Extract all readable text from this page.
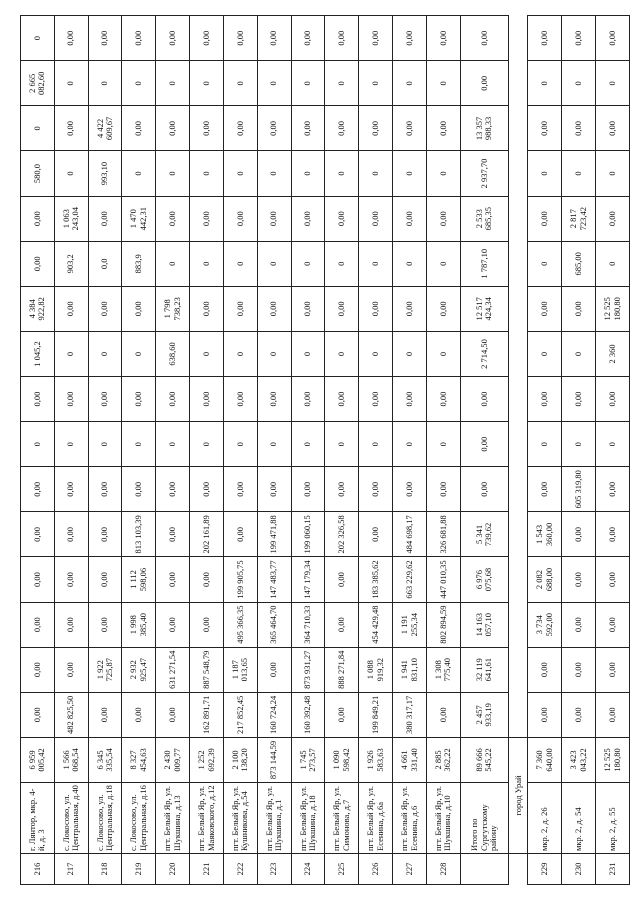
216	г. Лянтор, мкр. 4-й, д. 3	6 959 005,42	0,00	0,00	0,00	0,00	0,00	0,00	0	0,00	1 045,2	4 384 922,82	0,00	0,00	580,0	0	2 665 082,60	0
217	с. Локосово, ул. Центральная, д.40	1 566 068,54	482 825,50	0,00	0,00	0,00	0,00	0,00	0	0,00	0	0,00	903,2	1 063 243,04	0	0,00	0	0,00
218	с. Локосово, ул. Центральная, д.18	6 345 335,54	0,00	1 922 725,87	0,00	0,00	0,00	0,00	0	0,00	0	0,00	0,0	0,00	993,10	4 422 609,67	0	0,00
219	с. Локосово, ул. Центральная, д.16	8 327 454,63	0,00	2 932 925,47	1 998 385,40	1 112 598,06	813 103,39	0,00	0	0,00	0	0,00	883,9	1 470 442,31	0	0,00	0	0,00
220	пгт. Белый Яр, ул. Шукшина, д.13	2 430 009,77	0,00	631 271,54	0,00	0,00	0,00	0,00	0	0,00	638,60	1 798 738,23	0	0,00	0	0,00	0	0,00
221	пгт. Белый Яр, ул. Маяковского, д.12	1 252 692,39	162 891,71	887 548,79	0,00	0,00	202 161,89	0,00	0	0,00	0	0,00	0	0,00	0	0,00	0	0,00
222	пгт. Белый Яр, ул. Кушникова, д.54	2 100 138,20	217 852,45	1 187 013,65	495 366,35	199 905,75	0,00	0,00	0	0,00	0	0,00	0	0,00	0	0,00	0	0,00
223	пгт. Белый Яр, ул. Шукшина, д.1	873 144,59	160 724,24	0,00	365 464,70	147 483,77	199 471,88	0,00	0	0,00	0	0,00	0	0,00	0	0,00	0	0,00
224	пгт. Белый Яр, ул. Шукшина, д.18	1 745 273,57	160 392,48	873 931,27	364 710,33	147 179,34	199 060,15	0,00	0	0,00	0	0,00	0	0,00	0	0,00	0	0,00
225	пгт. Белый Яр, ул. Симонова, д.7	1 090 598,42	0,00	888 271,84	0,00	0,00	202 326,58	0,00	0	0,00	0	0,00	0	0,00	0	0,00	0	0,00
226	пгт. Белый Яр, ул. Есенина, д.6а	1 926 583,63	199 849,21	1 088 919,32	454 429,48	183 385,62	0,00	0,00	0	0,00	0	0,00	0	0,00	0	0,00	0	0,00
227	пгт. Белый Яр, ул. Есенина, д.6	4 661 331,40	380 317,17	1 941 831,10	1 191 255,34	663 229,62	484 698,17	0,00	0	0,00	0	0,00	0	0,00	0	0,00	0	0,00
228	пгт. Белый Яр, ул. Шукшина, д.10	2 885 362,22	0,00	1 308 775,40	802 894,59	447 010,35	326 681,88	0,00	0	0,00	0	0,00	0	0,00	0	0,00	0	0,00
	Итого по Сургутскому району	89 666 545,22	2 457 933,19	32 119 641,61	14 163 057,10	6 976 075,68	5 341 739,62	0,00	0,00	0,00	2 714,50	12 517 424,34	1 787,10	2 533 685,35	2 937,70	13 357 988,33	0,00	0,00
	город Урай																	
229	мкр. 2, д. 26	7 360 640,00	0,00	0,00	3 734 592,00	2 082 688,00	1 543 360,00	0,00	0	0,00	0	0,00	0	0,00	0	0,00	0	0,00
230	мкр. 2, д. 54	3 423 043,22	0,00	0,00	0,00	0,00	0,00	605 319,80	0	0,00	0	0,00	685,00	2 817 723,42	0	0,00	0	0,00
231	мкр. 2, д. 55	12 525 180,80	0,00	0,00	0,00	0,00	0,00	0,00	0	0,00	2 360	12 525 180,80	0	0,00	0	0,00	0	0,00
